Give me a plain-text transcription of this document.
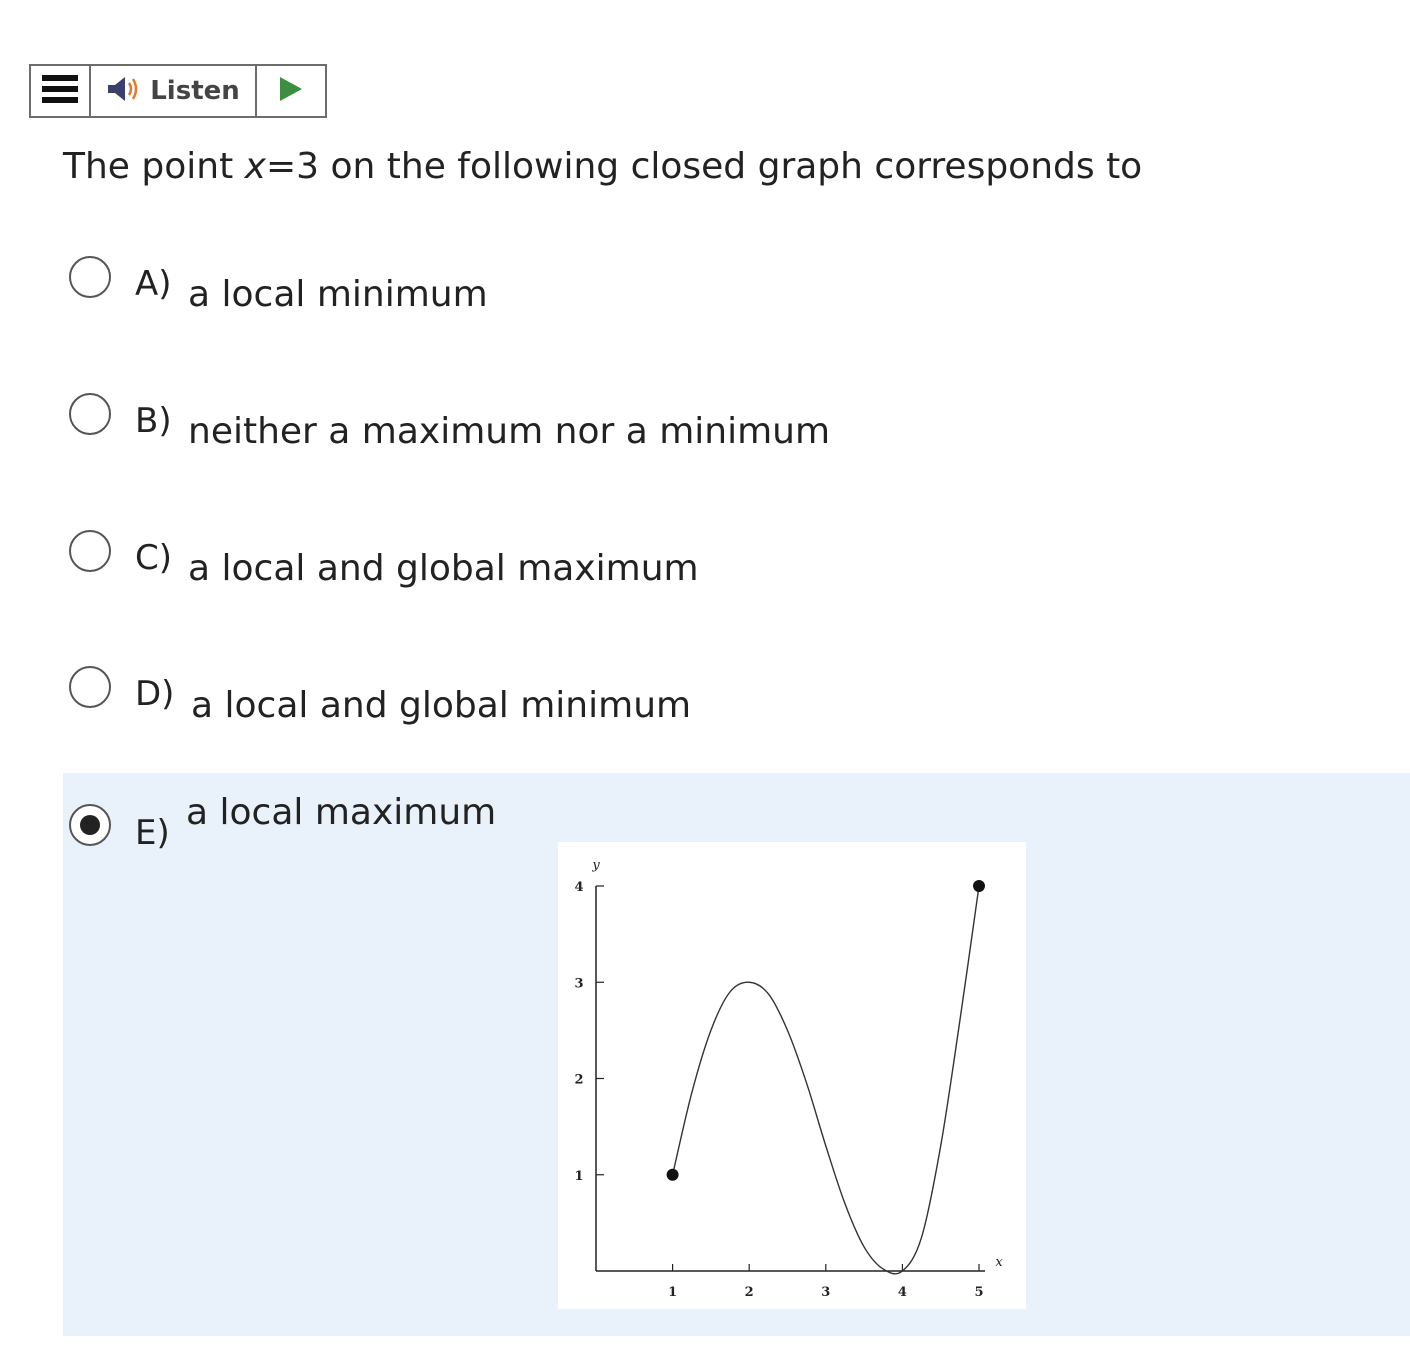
Listen
The point x=3 on the following closed graph corresponds to
A) a local minimum
B) neither a maximum nor a minimum
C) a local and global maximum
D) a local and global minimum
E) a local maximum
1	2	3	4	5
1
2
3
4
x
y
